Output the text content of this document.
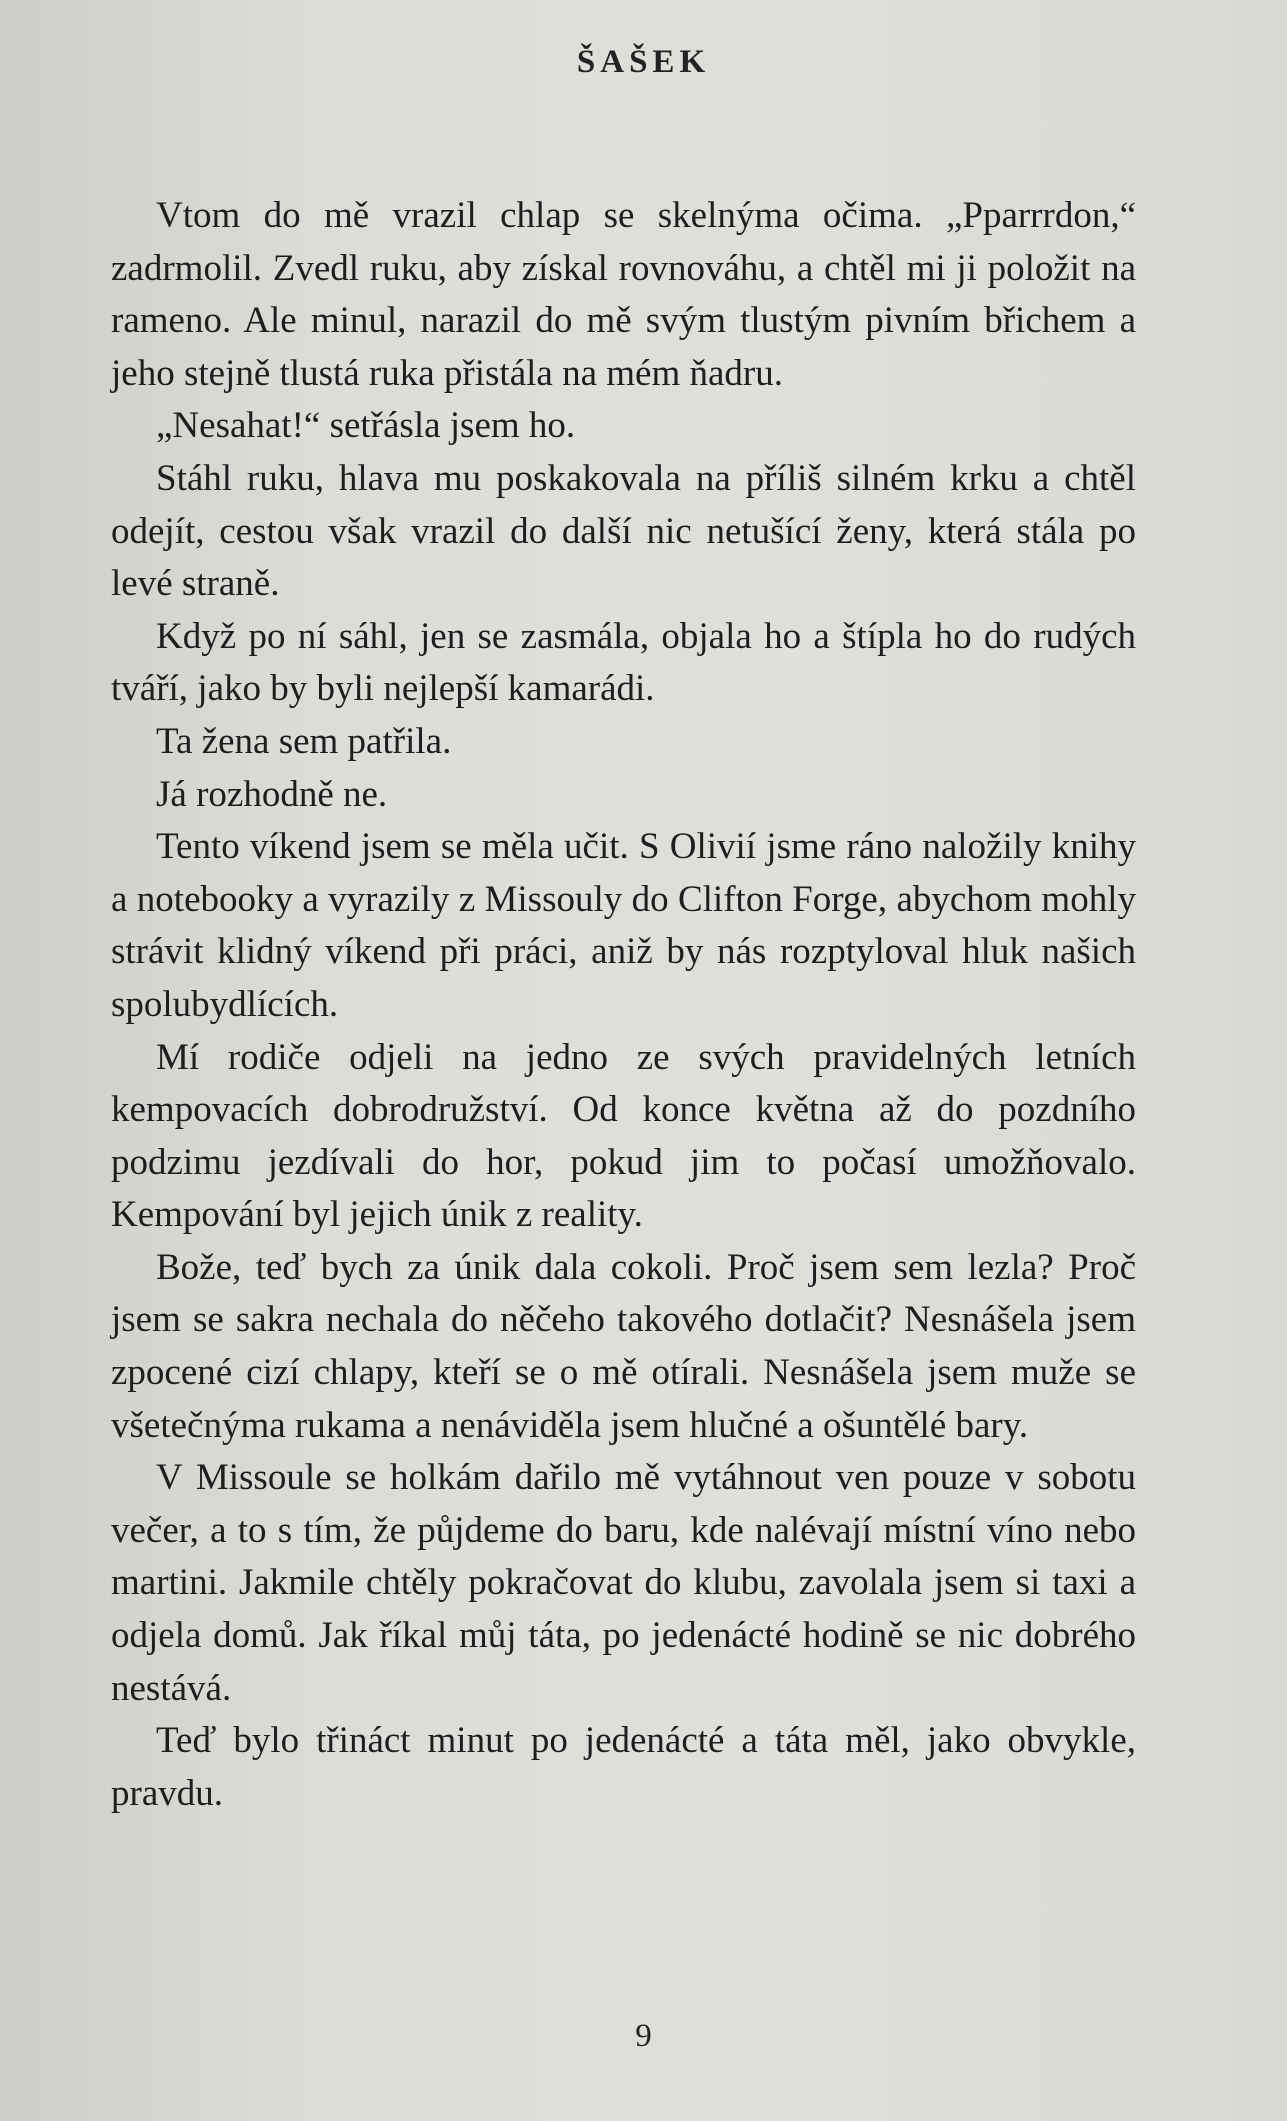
ŠAŠEK

Vtom do mě vrazil chlap se skelnýma očima. „Pparrrdon,“ zadrmolil. Zvedl ruku, aby získal rovnováhu, a chtěl mi ji položit na rameno. Ale minul, narazil do mě svým tlustým pivním břichem a jeho stejně tlustá ruka přistála na mém ňadru.

„Nesahat!“ setřásla jsem ho.

Stáhl ruku, hlava mu poskakovala na příliš silném krku a chtěl odejít, cestou však vrazil do další nic netušící ženy, která stála po levé straně.

Když po ní sáhl, jen se zasmála, objala ho a štípla ho do rudých tváří, jako by byli nejlepší kamarádi.

Ta žena sem patřila.

Já rozhodně ne.

Tento víkend jsem se měla učit. S Olivií jsme ráno naložily knihy a notebooky a vyrazily z Missouly do Clifton Forge, abychom mohly strávit klidný víkend při práci, aniž by nás rozptyloval hluk našich spolubydlících.

Mí rodiče odjeli na jedno ze svých pravidelných letních kempovacích dobrodružství. Od konce května až do pozdního podzimu jezdívali do hor, pokud jim to počasí umožňovalo. Kempování byl jejich únik z reality.

Bože, teď bych za únik dala cokoli. Proč jsem sem lezla? Proč jsem se sakra nechala do něčeho takového dotlačit? Nesnášela jsem zpocené cizí chlapy, kteří se o mě otírali. Nesnášela jsem muže se všetečnýma rukama a nenáviděla jsem hlučné a ošuntělé bary.

V Missoule se holkám dařilo mě vytáhnout ven pouze v sobotu večer, a to s tím, že půjdeme do baru, kde nalévají místní víno nebo martini. Jakmile chtěly pokračovat do klubu, zavolala jsem si taxi a odjela domů. Jak říkal můj táta, po jedenácté hodině se nic dobrého nestává.

Teď bylo třináct minut po jedenácté a táta měl, jako obvykle, pravdu.

9
